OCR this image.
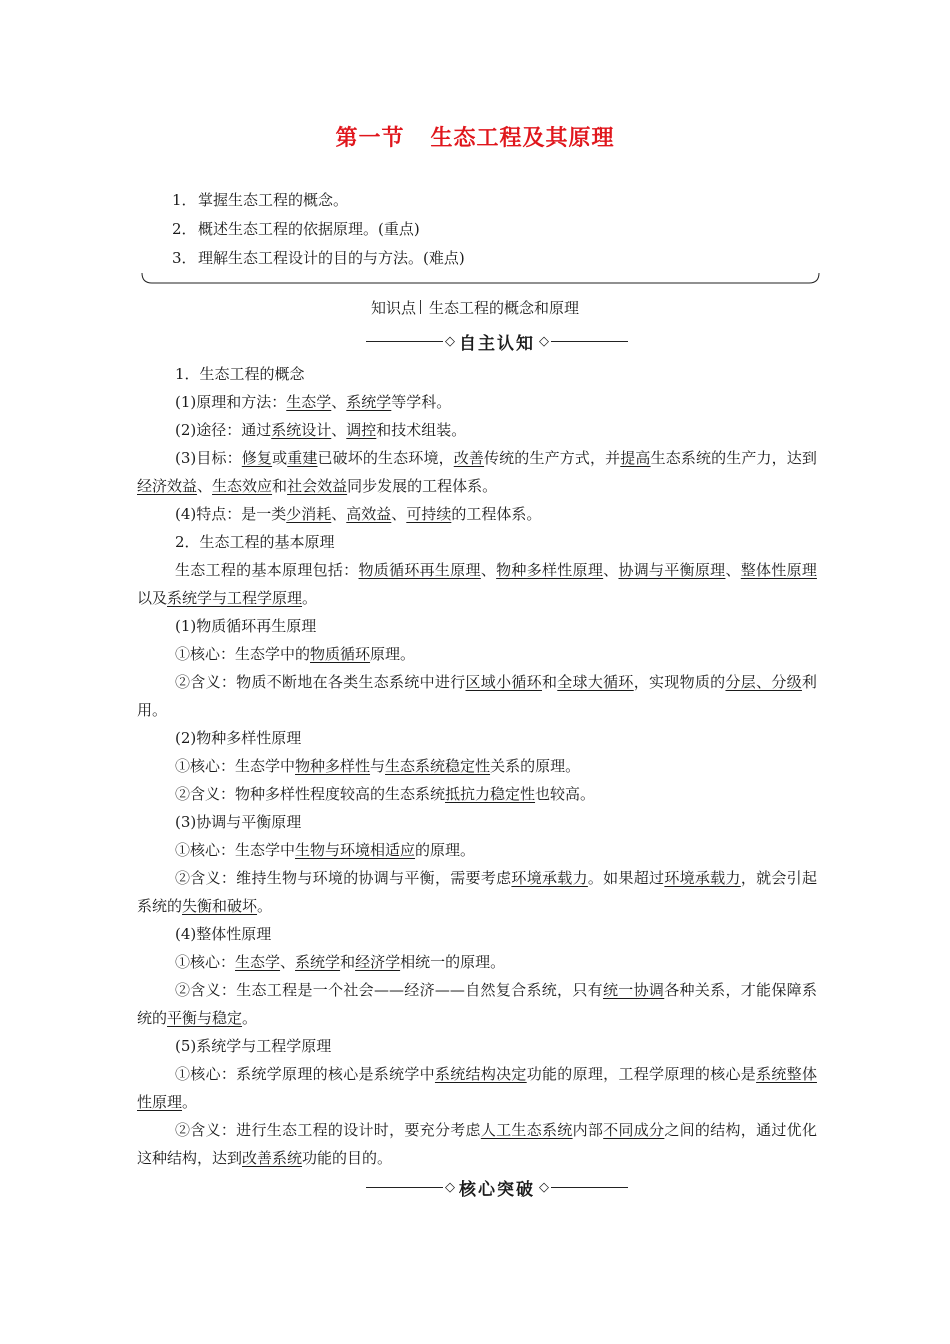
第一节 生态工程及其原理
1．掌握生态工程的概念。
2．概述生态工程的依据原理。(重点)
3．理解生态工程设计的目的与方法。(难点)
知识点 生态工程的概念和原理
◇ 自主认知 ◇
1．生态工程的概念
(1)原理和方法：生态学、系统学等学科。
(2)途径：通过系统设计、调控和技术组装。
(3)目标：修复或重建已破坏的生态环境，改善传统的生产方式，并提高生态系统的生产力，达到经济效益、生态效应和社会效益同步发展的工程体系。
(4)特点：是一类少消耗、高效益、可持续的工程体系。
2．生态工程的基本原理
生态工程的基本原理包括：物质循环再生原理、物种多样性原理、协调与平衡原理、整体性原理以及系统学与工程学原理。
(1)物质循环再生原理
①核心：生态学中的物质循环原理。
②含义：物质不断地在各类生态系统中进行区域小循环和全球大循环，实现物质的分层、分级利用。
(2)物种多样性原理
①核心：生态学中物种多样性与生态系统稳定性关系的原理。
②含义：物种多样性程度较高的生态系统抵抗力稳定性也较高。
(3)协调与平衡原理
①核心：生态学中生物与环境相适应的原理。
②含义：维持生物与环境的协调与平衡，需要考虑环境承载力。如果超过环境承载力，就会引起系统的失衡和破坏。
(4)整体性原理
①核心：生态学、系统学和经济学相统一的原理。
②含义：生态工程是一个社会——经济——自然复合系统，只有统一协调各种关系，才能保障系统的平衡与稳定。
(5)系统学与工程学原理
①核心：系统学原理的核心是系统学中系统结构决定功能的原理，工程学原理的核心是系统整体性原理。
②含义：进行生态工程的设计时，要充分考虑人工生态系统内部不同成分之间的结构，通过优化这种结构，达到改善系统功能的目的。
◇ 核心突破 ◇
